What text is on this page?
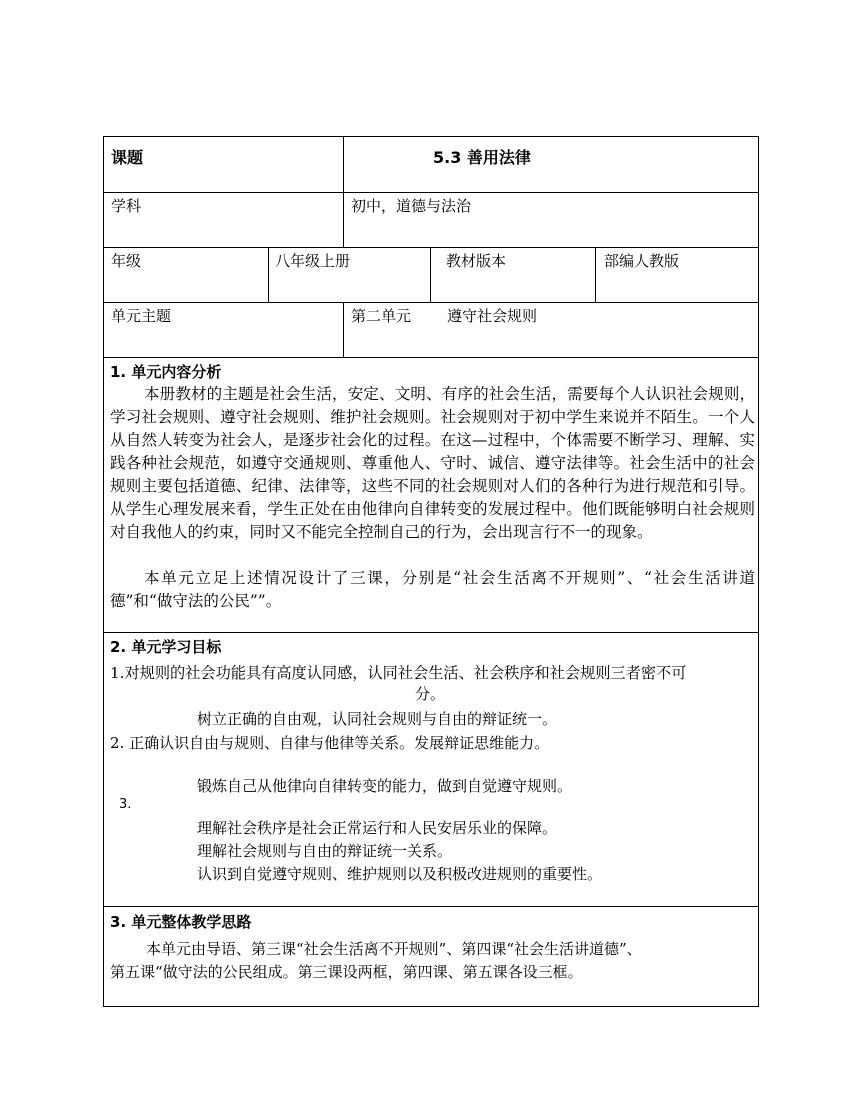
课题	5.3 善用法律
学科	初中，道德与法治
年级	八年级上册	教材版本	部编人教版
单元主题	第二单元 遵守社会规则
1. 单元内容分析
本册教材的主题是社会生活，安定、文明、有序的社会生活，需要每个人认识社会规则，学习社会规则、遵守社会规则、维护社会规则。社会规则对于初中学生来说并不陌生。一个人从自然人转变为社会人，是逐步社会化的过程。在这—过程中，个体需要不断学习、理解、实践各种社会规范，如遵守交通规则、尊重他人、守时、诚信、遵守法律等。社会生活中的社会规则主要包括道德、纪律、法律等，这些不同的社会规则对人们的各种行为进行规范和引导。从学生心理发展来看，学生正处在由他律向自律转变的发展过程中。他们既能够明白社会规则对自我他人的约束，同时又不能完全控制自己的行为，会出现言行不一的现象。
本单元立足上述情况设计了三课，分别是“社会生活离不开规则”、“社会生活讲道德”和“做守法的公民””。
2. 单元学习目标
1.对规则的社会功能具有高度认同感，认同社会生活、社会秩序和社会规则三者密不可
分。
树立正确的自由观，认同社会规则与自由的辩证统一。
2. 正确认识自由与规则、自律与他律等关系。发展辩证思维能力。
锻炼自己从他律向自律转变的能力，做到自觉遵守规则。
3.
理解社会秩序是社会正常运行和人民安居乐业的保障。
理解社会规则与自由的辩证统一关系。
认识到自觉遵守规则、维护规则以及积极改进规则的重要性。
3. 单元整体教学思路
本单元由导语、第三课“社会生活离不开规则”、第四课“社会生活讲道德”、
第五课“做守法的公民组成。第三课设两框，第四课、第五课各设三框。
